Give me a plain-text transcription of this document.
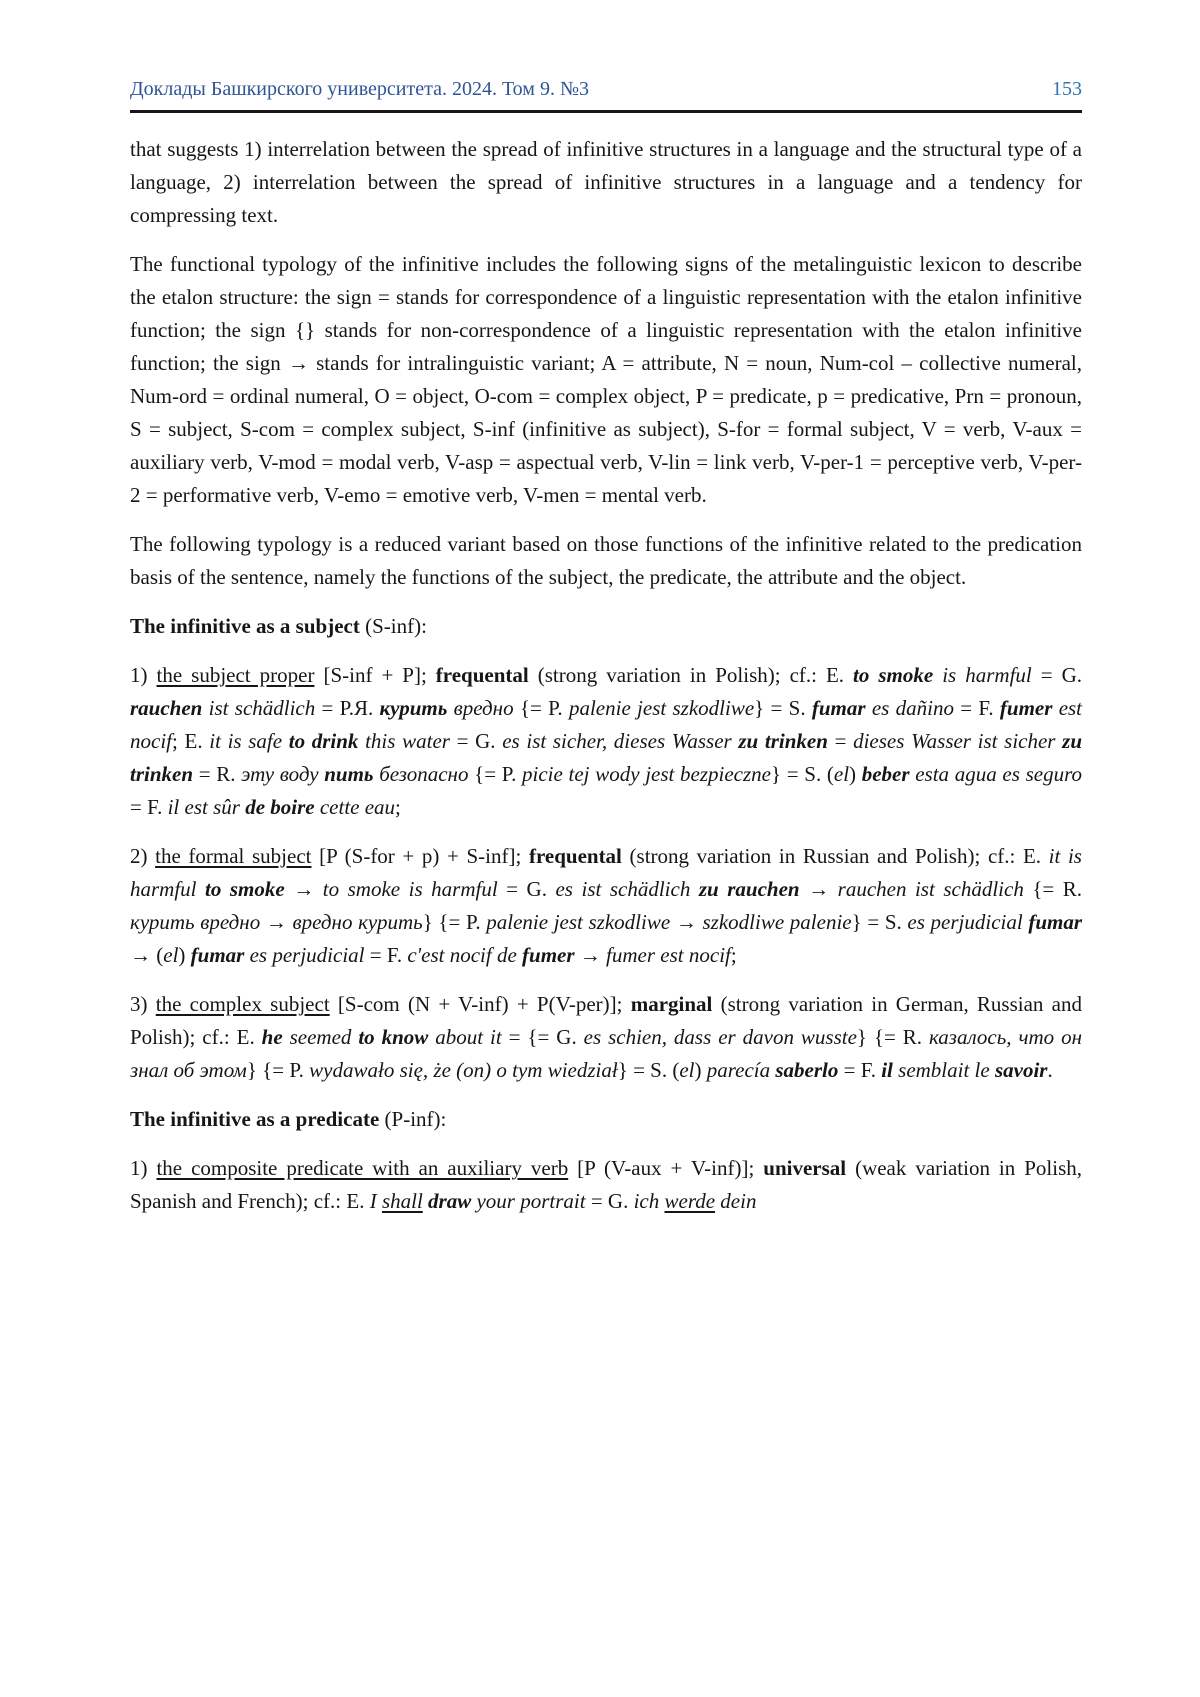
Доклады Башкирского университета. 2024. Том 9. №3	153

that suggests 1) interrelation between the spread of infinitive structures in a language and the structural type of a language, 2) interrelation between the spread of infinitive structures in a language and a tendency for compressing text.

The functional typology of the infinitive includes the following signs of the metalinguistic lexicon to describe the etalon structure: the sign = stands for correspondence of a linguistic representation with the etalon infinitive function; the sign {} stands for non-correspondence of a linguistic representation with the etalon infinitive function; the sign → stands for intralinguistic variant; A = attribute, N = noun, Num-col – collective numeral, Num-ord = ordinal numeral, O = object, O-com = complex object, P = predicate, p = predicative, Prn = pronoun, S = subject, S-com = complex subject, S-inf (infinitive as subject), S-for = formal subject, V = verb, V-aux = auxiliary verb, V-mod = modal verb, V-asp = aspectual verb, V-lin = link verb, V-per-1 = perceptive verb, V-per-2 = performative verb, V-emo = emotive verb, V-men = mental verb.

The following typology is a reduced variant based on those functions of the infinitive related to the predication basis of the sentence, namely the functions of the subject, the predicate, the attribute and the object.

The infinitive as a subject (S-inf):

1) the subject proper [S-inf + P]; frequental (strong variation in Polish); cf.: E. to smoke is harmful = G. rauchen ist schädlich = Р.Я. курить вредно {= P. palenie jest szkodliwe} = S. fumar es dañino = F. fumer est nocif; E. it is safe to drink this water = G. es ist sicher, dieses Wasser zu trinken = dieses Wasser ist sicher zu trinken = R. эту воду пить безопасно {= P. picie tej wody jest bezpieczne} = S. (el) beber esta agua es seguro = F. il est sûr de boire cette eau;

2) the formal subject [P (S-for + p) + S-inf]; frequental (strong variation in Russian and Polish); cf.: E. it is harmful to smoke → to smoke is harmful = G. es ist schädlich zu rauchen → rauchen ist schädlich {= R. курить вредно → вредно курить} {= P. palenie jest szkodliwe → szkodliwe palenie} = S. es perjudicial fumar → (el) fumar es perjudicial = F. c'est nocif de fumer → fumer est nocif;

3) the complex subject [S-com (N + V-inf) + P(V-per)]; marginal (strong variation in German, Russian and Polish); cf.: E. he seemed to know about it = {= G. es schien, dass er davon wusste} {= R. казалось, что он знал об этом} {= P. wydawało się, że (on) o tym wiedział} = S. (el) parecía saberlo = F. il semblait le savoir.

The infinitive as a predicate (P-inf):

1) the composite predicate with an auxiliary verb [P (V-aux + V-inf)]; universal (weak variation in Polish, Spanish and French); cf.: E. I shall draw your portrait = G. ich werde dein
